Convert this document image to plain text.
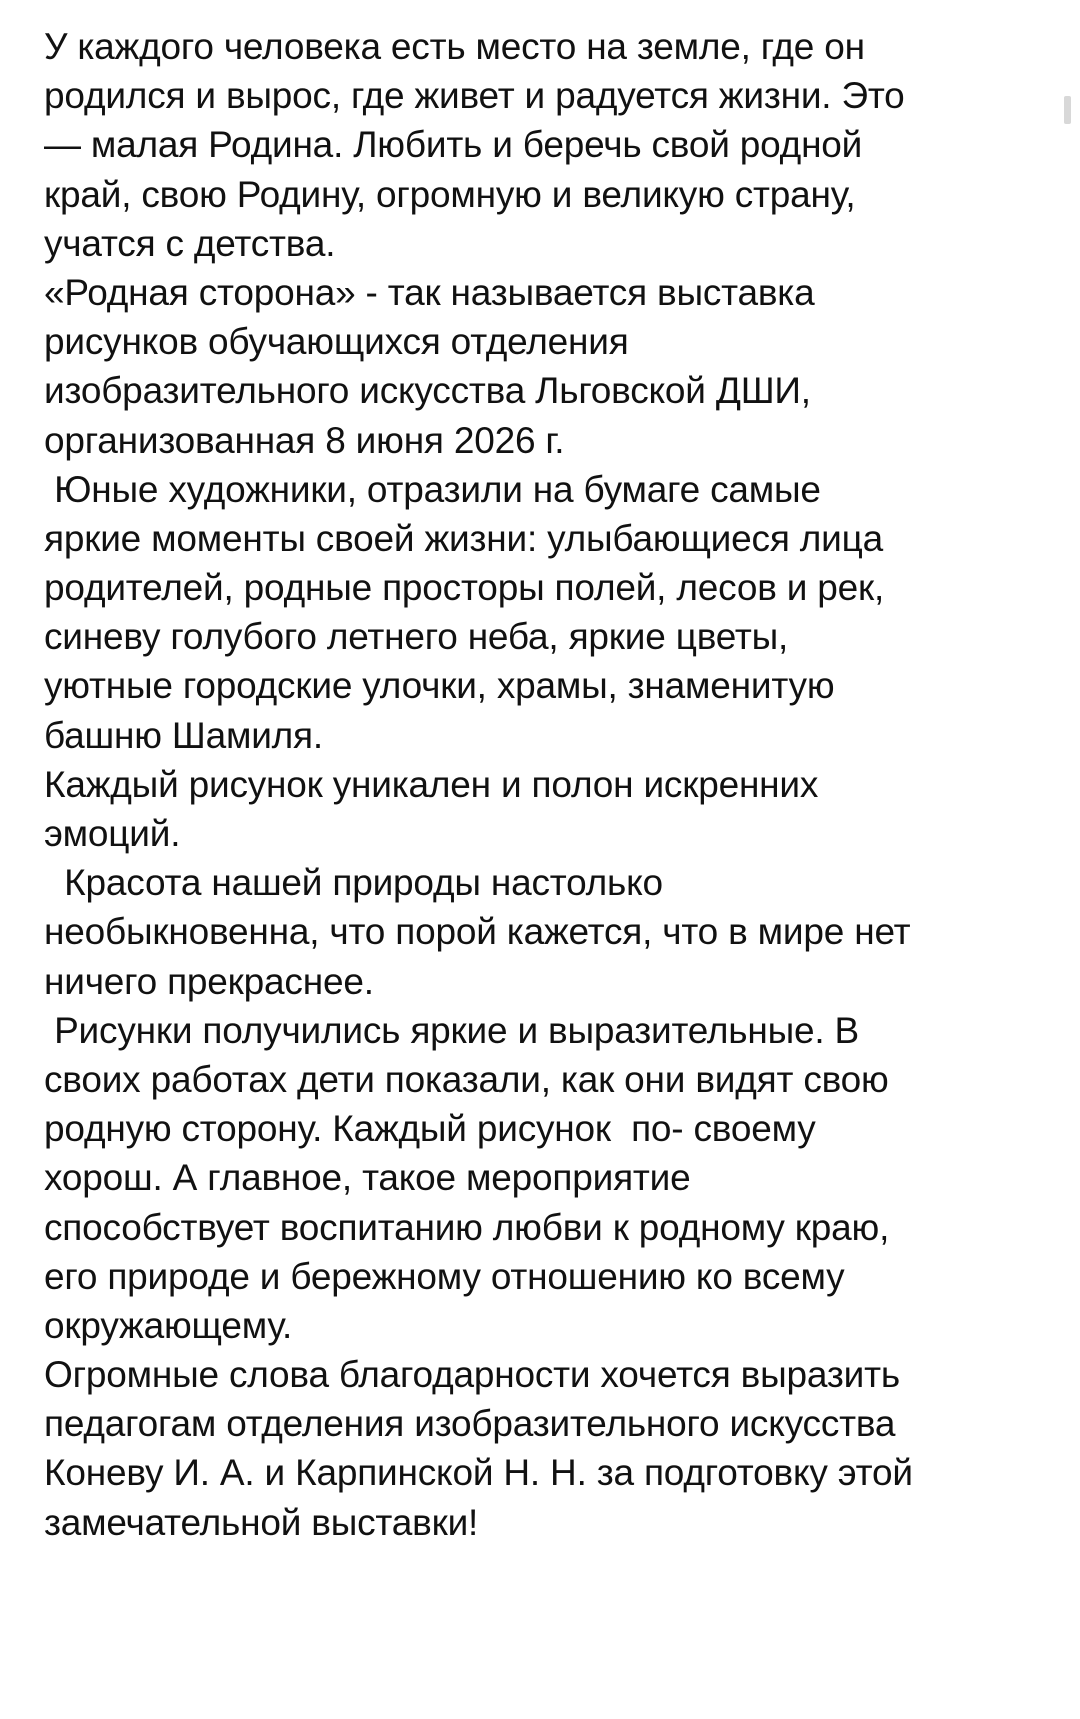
У каждого человека есть место на земле, где он
родился и вырос, где живет и радуется жизни. Это
— малая Родина. Любить и беречь свой родной
край, свою Родину, огромную и великую страну,
учатся с детства.
«Родная сторона» - так называется выставка
рисунков обучающихся отделения
изобразительного искусства Льговской ДШИ,
организованная 8 июня 2026 г.
Юные художники, отразили на бумаге самые
яркие моменты своей жизни: улыбающиеся лица
родителей, родные просторы полей, лесов и рек,
синеву голубого летнего неба, яркие цветы,
уютные городские улочки, храмы, знаменитую
башню Шамиля.
Каждый рисунок уникален и полон искренних
эмоций.
Красота нашей природы настолько
необыкновенна, что порой кажется, что в мире нет
ничего прекраснее.
Рисунки получились яркие и выразительные. В
своих работах дети показали, как они видят свою
родную сторону. Каждый рисунок  по- своему
хорош. А главное, такое мероприятие
способствует воспитанию любви к родному краю,
его природе и бережному отношению ко всему
окружающему.
Огромные слова благодарности хочется выразить
педагогам отделения изобразительного искусства
Коневу И. А. и Карпинской Н. Н. за подготовку этой
замечательной выставки!
